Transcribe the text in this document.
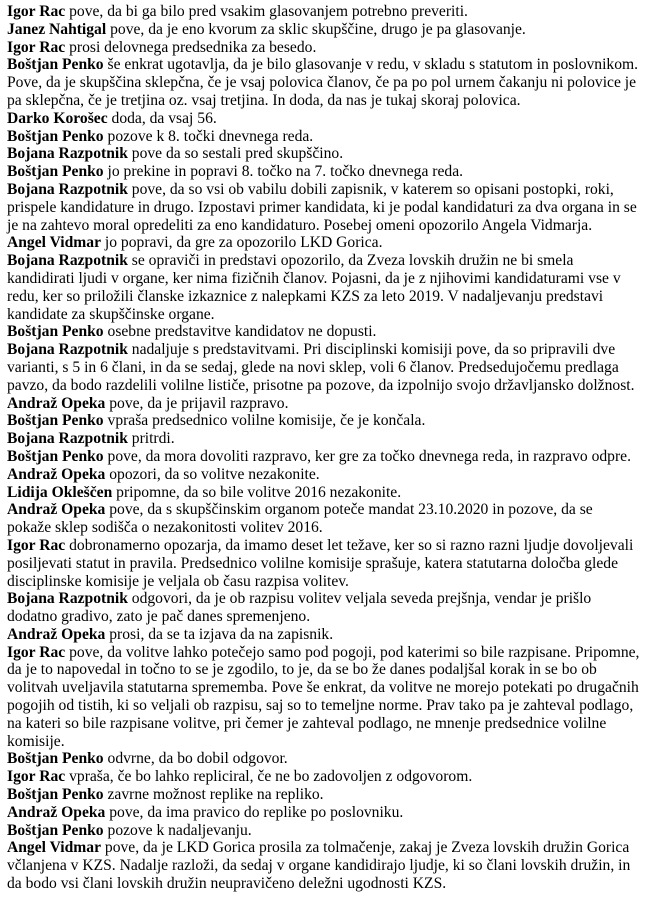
Igor Rac pove, da bi ga bilo pred vsakim glasovanjem potrebno preveriti.

Janez Nahtigal pove, da je eno kvorum za sklic skupščine, drugo je pa glasovanje.

Igor Rac prosi delovnega predsednika za besedo.

Boštjan Penko še enkrat ugotavlja, da je bilo glasovanje v redu, v skladu s statutom in poslovnikom. Pove, da je skupščina sklepčna, če je vsaj polovica članov, če pa po pol urnem čakanju ni polovice je pa sklepčna, če je tretjina oz. vsaj tretjina. In doda, da nas je tukaj skoraj polovica.

Darko Korošec doda, da vsaj 56.

Boštjan Penko pozove k 8. točki dnevnega reda.

Bojana Razpotnik pove da so sestali pred skupščino.

Boštjan Penko jo prekine in popravi 8. točko na 7. točko dnevnega reda.

Bojana Razpotnik pove, da so vsi ob vabilu dobili zapisnik, v katerem so opisani postopki, roki, prispele kandidature in drugo. Izpostavi primer kandidata, ki je podal kandidaturi za dva organa in se je na zahtevo moral opredeliti za eno kandidaturo. Posebej omeni opozorilo Angela Vidmarja.

Angel Vidmar jo popravi, da gre za opozorilo LKD Gorica.

Bojana Razpotnik se opraviči in predstavi opozorilo, da Zveza lovskih družin ne bi smela kandidirati ljudi v organe, ker nima fizičnih članov. Pojasni, da je z njihovimi kandidaturami vse v redu, ker so priložili članske izkaznice z nalepkami KZS za leto 2019. V nadaljevanju predstavi kandidate za skupščinske organe.

Boštjan Penko osebne predstavitve kandidatov ne dopusti.

Bojana Razpotnik nadaljuje s predstavitvami. Pri disciplinski komisiji pove, da so pripravili dve varianti, s 5 in 6 člani, in da se sedaj, glede na novi sklep, voli 6 članov. Predsedujočemu predlaga pavzo, da bodo razdelili volilne lističe, prisotne pa pozove, da izpolnijo svojo državljansko dolžnost.

Andraž Opeka pove, da je prijavil razpravo.

Boštjan Penko vpraša predsednico volilne komisije, če je končala.

Bojana Razpotnik pritrdi.

Boštjan Penko pove, da mora dovoliti razpravo, ker gre za točko dnevnega reda, in razpravo odpre.

Andraž Opeka opozori, da so volitve nezakonite.

Lidija Okleščen pripomne, da so bile volitve 2016 nezakonite.

Andraž Opeka pove, da s skupščinskim organom poteče mandat 23.10.2020 in pozove, da se pokaže sklep sodišča o nezakonitosti volitev 2016.

Igor Rac dobronamerno opozarja, da imamo deset let težave, ker so si razno razni ljudje dovoljevali posiljevati statut in pravila. Predsednico volilne komisije sprašuje, katera statutarna določba glede disciplinske komisije je veljala ob času razpisa volitev.

Bojana Razpotnik odgovori, da je ob razpisu volitev veljala seveda prejšnja, vendar je prišlo dodatno gradivo, zato je pač danes spremenjeno.

Andraž Opeka prosi, da se ta izjava da na zapisnik.

Igor Rac pove, da volitve lahko potečejo samo pod pogoji, pod katerimi so bile razpisane. Pripomne, da je to napovedal in točno to se je zgodilo, to je, da se bo že danes podaljšal korak in se bo ob volitvah uveljavila statutarna sprememba. Pove še enkrat, da volitve ne morejo potekati po drugačnih pogojih od tistih, ki so veljali ob razpisu, saj so to temeljne norme. Prav tako pa je zahteval podlago, na kateri so bile razpisane volitve, pri čemer je zahteval podlago, ne mnenje predsednice volilne komisije.

Boštjan Penko odvrne, da bo dobil odgovor.

Igor Rac vpraša, če bo lahko repliciral, če ne bo zadovoljen z odgovorom.

Boštjan Penko zavrne možnost replike na repliko.

Andraž Opeka pove, da ima pravico do replike po poslovniku.

Boštjan Penko pozove k nadaljevanju.

Angel Vidmar pove, da je LKD Gorica prosila za tolmačenje, zakaj je Zveza lovskih družin Gorica včlanjena v KZS. Nadalje razloži, da sedaj v organe kandidirajo ljudje, ki so člani lovskih družin, in da bodo vsi člani lovskih družin neupravičeno deležni ugodnosti KZS.
